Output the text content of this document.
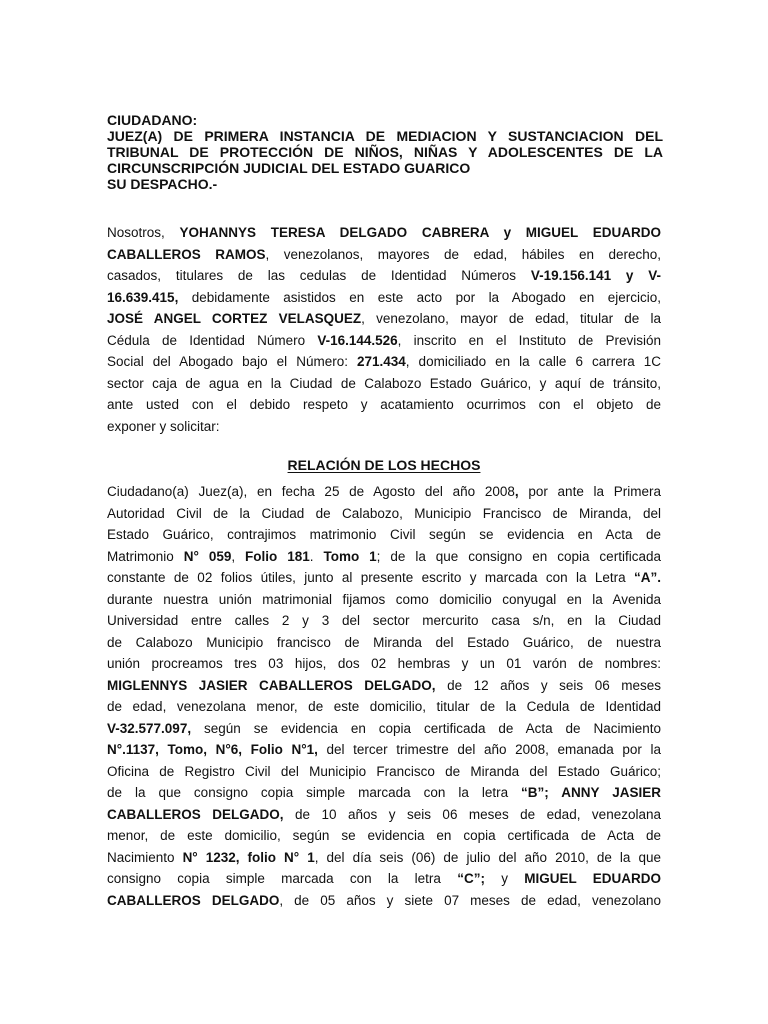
CIUDADANO:
JUEZ(A) DE PRIMERA INSTANCIA DE MEDIACION Y SUSTANCIACION DEL
TRIBUNAL DE PROTECCIÓN DE NIÑOS, NIÑAS Y ADOLESCENTES DE LA
CIRCUNSCRIPCIÓN JUDICIAL DEL ESTADO GUARICO
SU DESPACHO.-
Nosotros, YOHANNYS TERESA DELGADO CABRERA y MIGUEL EDUARDO
CABALLEROS RAMOS, venezolanos, mayores de edad, hábiles en derecho,
casados, titulares de las cedulas de Identidad Números V-19.156.141 y V-
16.639.415, debidamente asistidos en este acto por la Abogado en ejercicio,
JOSÉ ANGEL CORTEZ VELASQUEZ, venezolano, mayor de edad, titular de la
Cédula de Identidad Número V-16.144.526, inscrito en el Instituto de Previsión
Social del Abogado bajo el Número: 271.434, domiciliado en la calle 6 carrera 1C
sector caja de agua en la Ciudad de Calabozo Estado Guárico, y aquí de tránsito,
ante usted con el debido respeto y acatamiento ocurrimos con el objeto de
exponer y solicitar:
RELACIÓN DE LOS HECHOS
Ciudadano(a) Juez(a), en fecha 25 de Agosto del año 2008, por ante la Primera
Autoridad Civil de la Ciudad de Calabozo, Municipio Francisco de Miranda, del
Estado Guárico, contrajimos matrimonio Civil según se evidencia en Acta de
Matrimonio N° 059, Folio 181. Tomo 1; de la que consigno en copia certificada
constante de 02 folios útiles, junto al presente escrito y marcada con la Letra “A”.
durante nuestra unión matrimonial fijamos como domicilio conyugal en la Avenida
Universidad entre calles 2 y 3 del sector mercurito casa s/n, en la Ciudad
de Calabozo Municipio francisco de Miranda del Estado Guárico, de nuestra
unión procreamos tres 03 hijos, dos 02 hembras y un 01 varón de nombres:
MIGLENNYS JASIER CABALLEROS DELGADO, de 12 años y seis 06 meses
de edad, venezolana menor, de este domicilio, titular de la Cedula de Identidad
V-32.577.097, según se evidencia en copia certificada de Acta de Nacimiento
N°.1137, Tomo, N°6, Folio N°1, del tercer trimestre del año 2008, emanada por la
Oficina de Registro Civil del Municipio Francisco de Miranda del Estado Guárico;
de la que consigno copia simple marcada con la letra “B”; ANNY JASIER
CABALLEROS DELGADO, de 10 años y seis 06 meses de edad, venezolana
menor, de este domicilio, según se evidencia en copia certificada de Acta de
Nacimiento N° 1232, folio N° 1, del día seis (06) de julio del año 2010, de la que
consigno copia simple marcada con la letra “C”; y MIGUEL EDUARDO
CABALLEROS DELGADO, de 05 años y siete 07 meses de edad, venezolano
